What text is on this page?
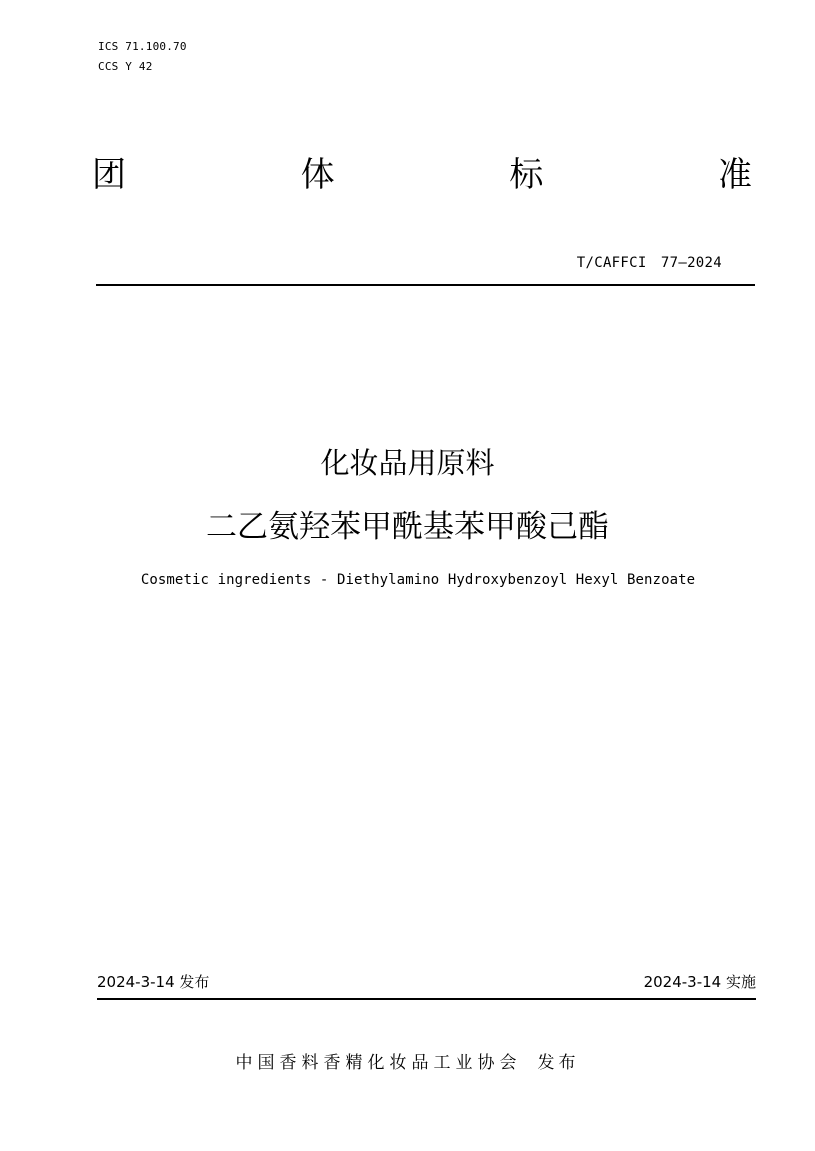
ICS 71.100.70
CCS Y 42
团	体	标	准
T/CAFFCI　77—2024
化妆品用原料
二乙氨羟苯甲酰基苯甲酸己酯
Cosmetic ingredients - Diethylamino Hydroxybenzoyl Hexyl Benzoate
2024-3-14 发布	2024-3-14 实施
中国香料香精化妆品工业协会 发布
